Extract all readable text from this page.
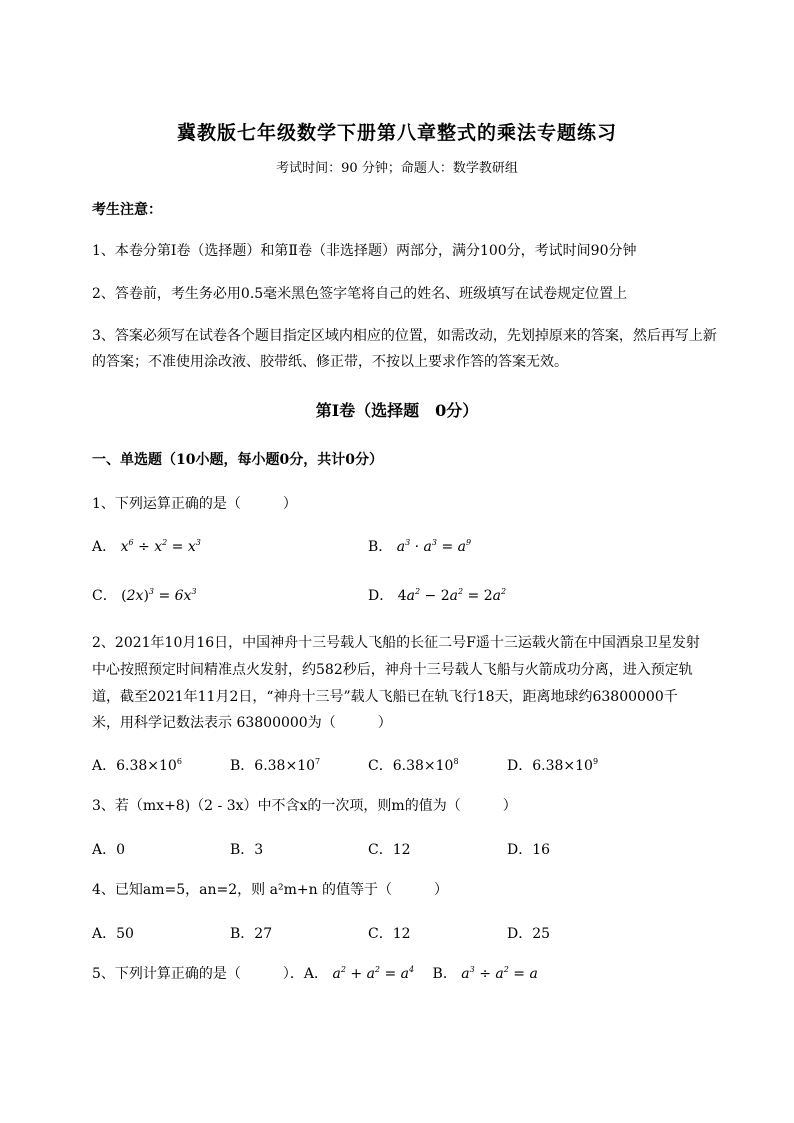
冀教版七年级数学下册第八章整式的乘法专题练习
考试时间：90 分钟；命题人：数学教研组
考生注意：
1、本卷分第Ⅰ卷（选择题）和第Ⅱ卷（非选择题）两部分，满分100分，考试时间90分钟
2、答卷前，考生务必用0.5毫米黑色签字笔将自己的姓名、班级填写在试卷规定位置上
3、答案必须写在试卷各个题目指定区域内相应的位置，如需改动，先划掉原来的答案，然后再写上新
的答案；不准使用涂改液、胶带纸、修正带，不按以上要求作答的答案无效。
第Ⅰ卷（选择题　0分）
一、单选题（10小题，每小题0分，共计0分）
1、下列运算正确的是（　　　）
A． $x^6 \div x^2 = x^3$	B． $a^3 \cdot a^3 = a^9$
C． $(2x)^3 = 6x^3$	D． $4a^2 - 2a^2 = 2a^2$
2、2021年10月16日，中国神舟十三号载人飞船的长征二号F遥十三运载火箭在中国酒泉卫星发射
中心按照预定时间精准点火发射，约582秒后，神舟十三号载人飞船与火箭成功分离，进入预定轨
道，截至2021年11月2日，“神舟十三号”载人飞船已在轨飞行18天，距离地球约63800000千
米，用科学记数法表示 63800000为（　　　）
A．$6.38\times 10^6$	B．$6.38\times 10^7$	C．$6.38\times 10^8$	D．$6.38\times 10^9$
3、若（mx+8)（2 - 3x）中不含x的一次项，则m的值为（　　　）
A．0	B．3	C．12	D．16
4、已知am=5，an=2，则 a²m+n 的值等于（　　　）
A．50	B．27	C．12	D．25
5、下列计算正确的是（　　　）．A． $a^2 + a^2 = a^4$ B． $a^3 \div a^2 = a$
